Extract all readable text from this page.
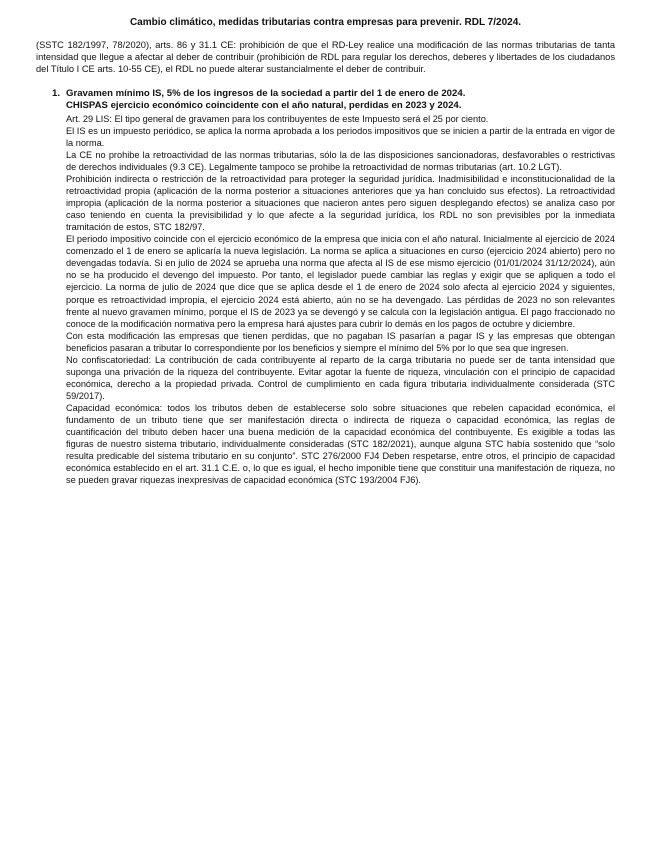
Cambio climático, medidas tributarias contra empresas para prevenir. RDL 7/2024.

(SSTC 182/1997, 78/2020), arts. 86 y 31.1 CE: prohibición de que el RD-Ley realice una modificación de las normas tributarias de tanta intensidad que llegue a afectar al deber de contribuir (prohibición de RDL para regular los derechos, deberes y libertades de los ciudadanos del Título I CE arts. 10-55 CE), el RDL no puede alterar sustancialmente el deber de contribuir.

1. Gravamen mínimo IS, 5% de los ingresos de la sociedad a partir del 1 de enero de 2024.
CHISPAS ejercicio económico coincidente con el año natural, perdidas en 2023 y 2024.

Art. 29 LIS: El tipo general de gravamen para los contribuyentes de este Impuesto será el 25 por ciento.

El IS es un impuesto periódico, se aplica la norma aprobada a los periodos impositivos que se inicien a partir de la entrada en vigor de la norma.

La CE no prohibe la retroactividad de las normas tributarias, sólo la de las disposiciones sancionadoras, desfavorables o restrictivas de derechos individuales (9.3 CE). Legalmente tampoco se prohibe la retroactividad de normas tributarias (art. 10.2 LGT).

Prohibición indirecta o restricción de la retroactividad para proteger la seguridad jurídica. Inadmisibilidad e inconstitucionalidad de la retroactividad propia (aplicación de la norma posterior a situaciones anteriores que ya han concluido sus efectos). La retroactividad impropia (aplicación de la norma posterior a situaciones que nacieron antes pero siguen desplegando efectos) se analiza caso por caso teniendo en cuenta la previsibilidad y lo que afecte a la seguridad jurídica, los RDL no son previsibles por la inmediata tramitación de estos, STC 182/97.

El periodo impositivo coincide con el ejercicio económico de la empresa que inicia con el año natural. Inicialmente al ejercicio de 2024 comenzado el 1 de enero se aplicaría la nueva legislación. La norma se aplica a situaciones en curso (ejercicio 2024 abierto) pero no devengadas todavía. Si en julio de 2024 se aprueba una norma que afecta al IS de ese mismo ejercicio (01/01/2024 31/12/2024), aún no se ha producido el devengo del impuesto. Por tanto, el legislador puede cambiar las reglas y exigir que se apliquen a todo el ejercicio. La norma de julio de 2024 que dice que se aplica desde el 1 de enero de 2024 solo afecta al ejercicio 2024 y siguientes, porque es retroactividad impropia, el ejercicio 2024 está abierto, aún no se ha devengado. Las pérdidas de 2023 no son relevantes frente al nuevo gravamen mínimo, porque el IS de 2023 ya se devengó y se calcula con la legislación antigua. El pago fraccionado no conoce de la modificación normativa pero la empresa hará ajustes para cubrir lo demás en los pagos de octubre y diciembre.

Con esta modificación las empresas que tienen perdidas, que no pagaban IS pasarían a pagar IS y las empresas que obtengan beneficios pasaran a tributar lo correspondiente por los beneficios y siempre el mínimo del 5% por lo que sea que ingresen.

No confiscatoriedad: La contribución de cada contribuyente al reparto de la carga tributaria no puede ser de tanta intensidad que suponga una privación de la riqueza del contribuyente. Evitar agotar la fuente de riqueza, vinculación con el principio de capacidad económica, derecho a la propiedad privada. Control de cumplimiento en cada figura tributaria individualmente considerada (STC 59/2017).

Capacidad económica: todos los tributos deben de establecerse solo sobre situaciones que rebelen capacidad económica, el fundamento de un tributo tiene que ser manifestación directa o indirecta de riqueza o capacidad económica, las reglas de cuantificación del tributo deben hacer una buena medición de la capacidad económica del contribuyente. Es exigible a todas las figuras de nuestro sistema tributario, individualmente consideradas (STC 182/2021), aunque alguna STC había sostenido que “solo resulta predicable del sistema tributario en su conjunto”. STC 276/2000 FJ4 Deben respetarse, entre otros, el principio de capacidad económica establecido en el art. 31.1 C.E. o, lo que es igual, el hecho imponible tiene que constituir una manifestación de riqueza, no se pueden gravar riquezas inexpresivas de capacidad económica (STC 193/2004 FJ6).
